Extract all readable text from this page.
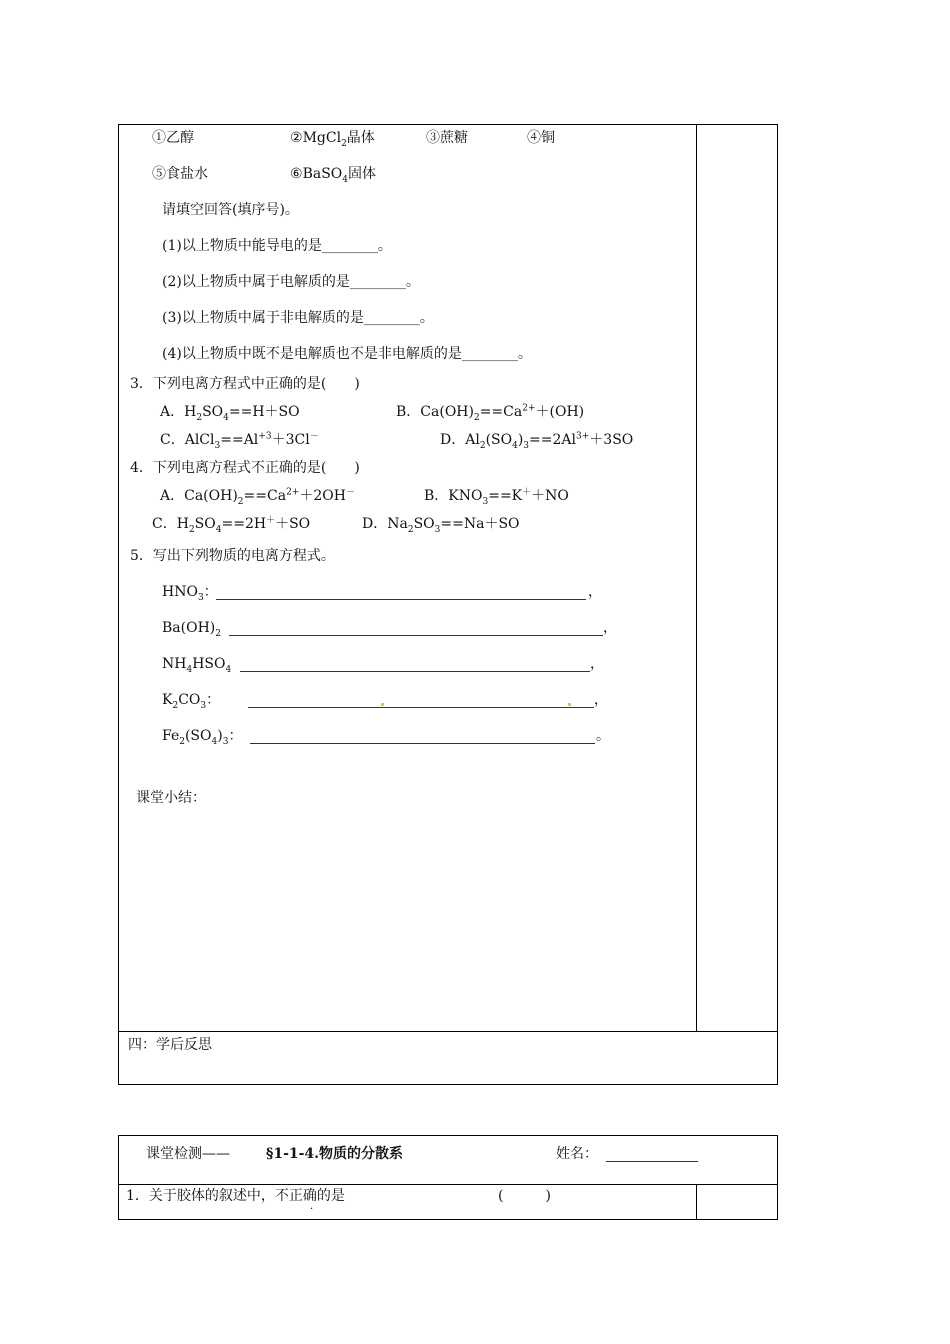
①乙醇	②MgCl$_2$晶体	③蔗糖	④铜
⑤食盐水	⑥BaSO$_4$固体
请填空回答(填序号)。
(1)以上物质中能导电的是________。
(2)以上物质中属于电解质的是________。
(3)以上物质中属于非电解质的是________。
(4)以上物质中既不是电解质也不是非电解质的是________。
3．下列电离方程式中正确的是(　　)
A．$H_2SO_4==H+SO$	B．$Ca(OH)_2==Ca^{2+}+(OH)$
C．$AlCl_3==Al^{+3}+3Cl^-$	D．$Al_2(SO_4)_3==2Al^{3+}+3SO$
4．下列电离方程式不正确的是(　　)
A．$Ca(OH)_2==Ca^{2+}+2OH^-$	B．$KNO_3==K^++NO$
C．$H_2SO_4==2H^++SO$	D．$Na_2SO_3==Na+SO$
5．写出下列物质的电离方程式。
$HNO_3$：	，
$Ba(OH)_2$	，
$NH_4HSO_4$	，
$K_2CO_3$：	，
$Fe_2(SO_4)_3$：	。
课堂小结：
四：学后反思
课堂检测——	§1-1-4.物质的分散系	姓名：
1．关于胶体的叙述中，不正确的是
·
(　　　)
